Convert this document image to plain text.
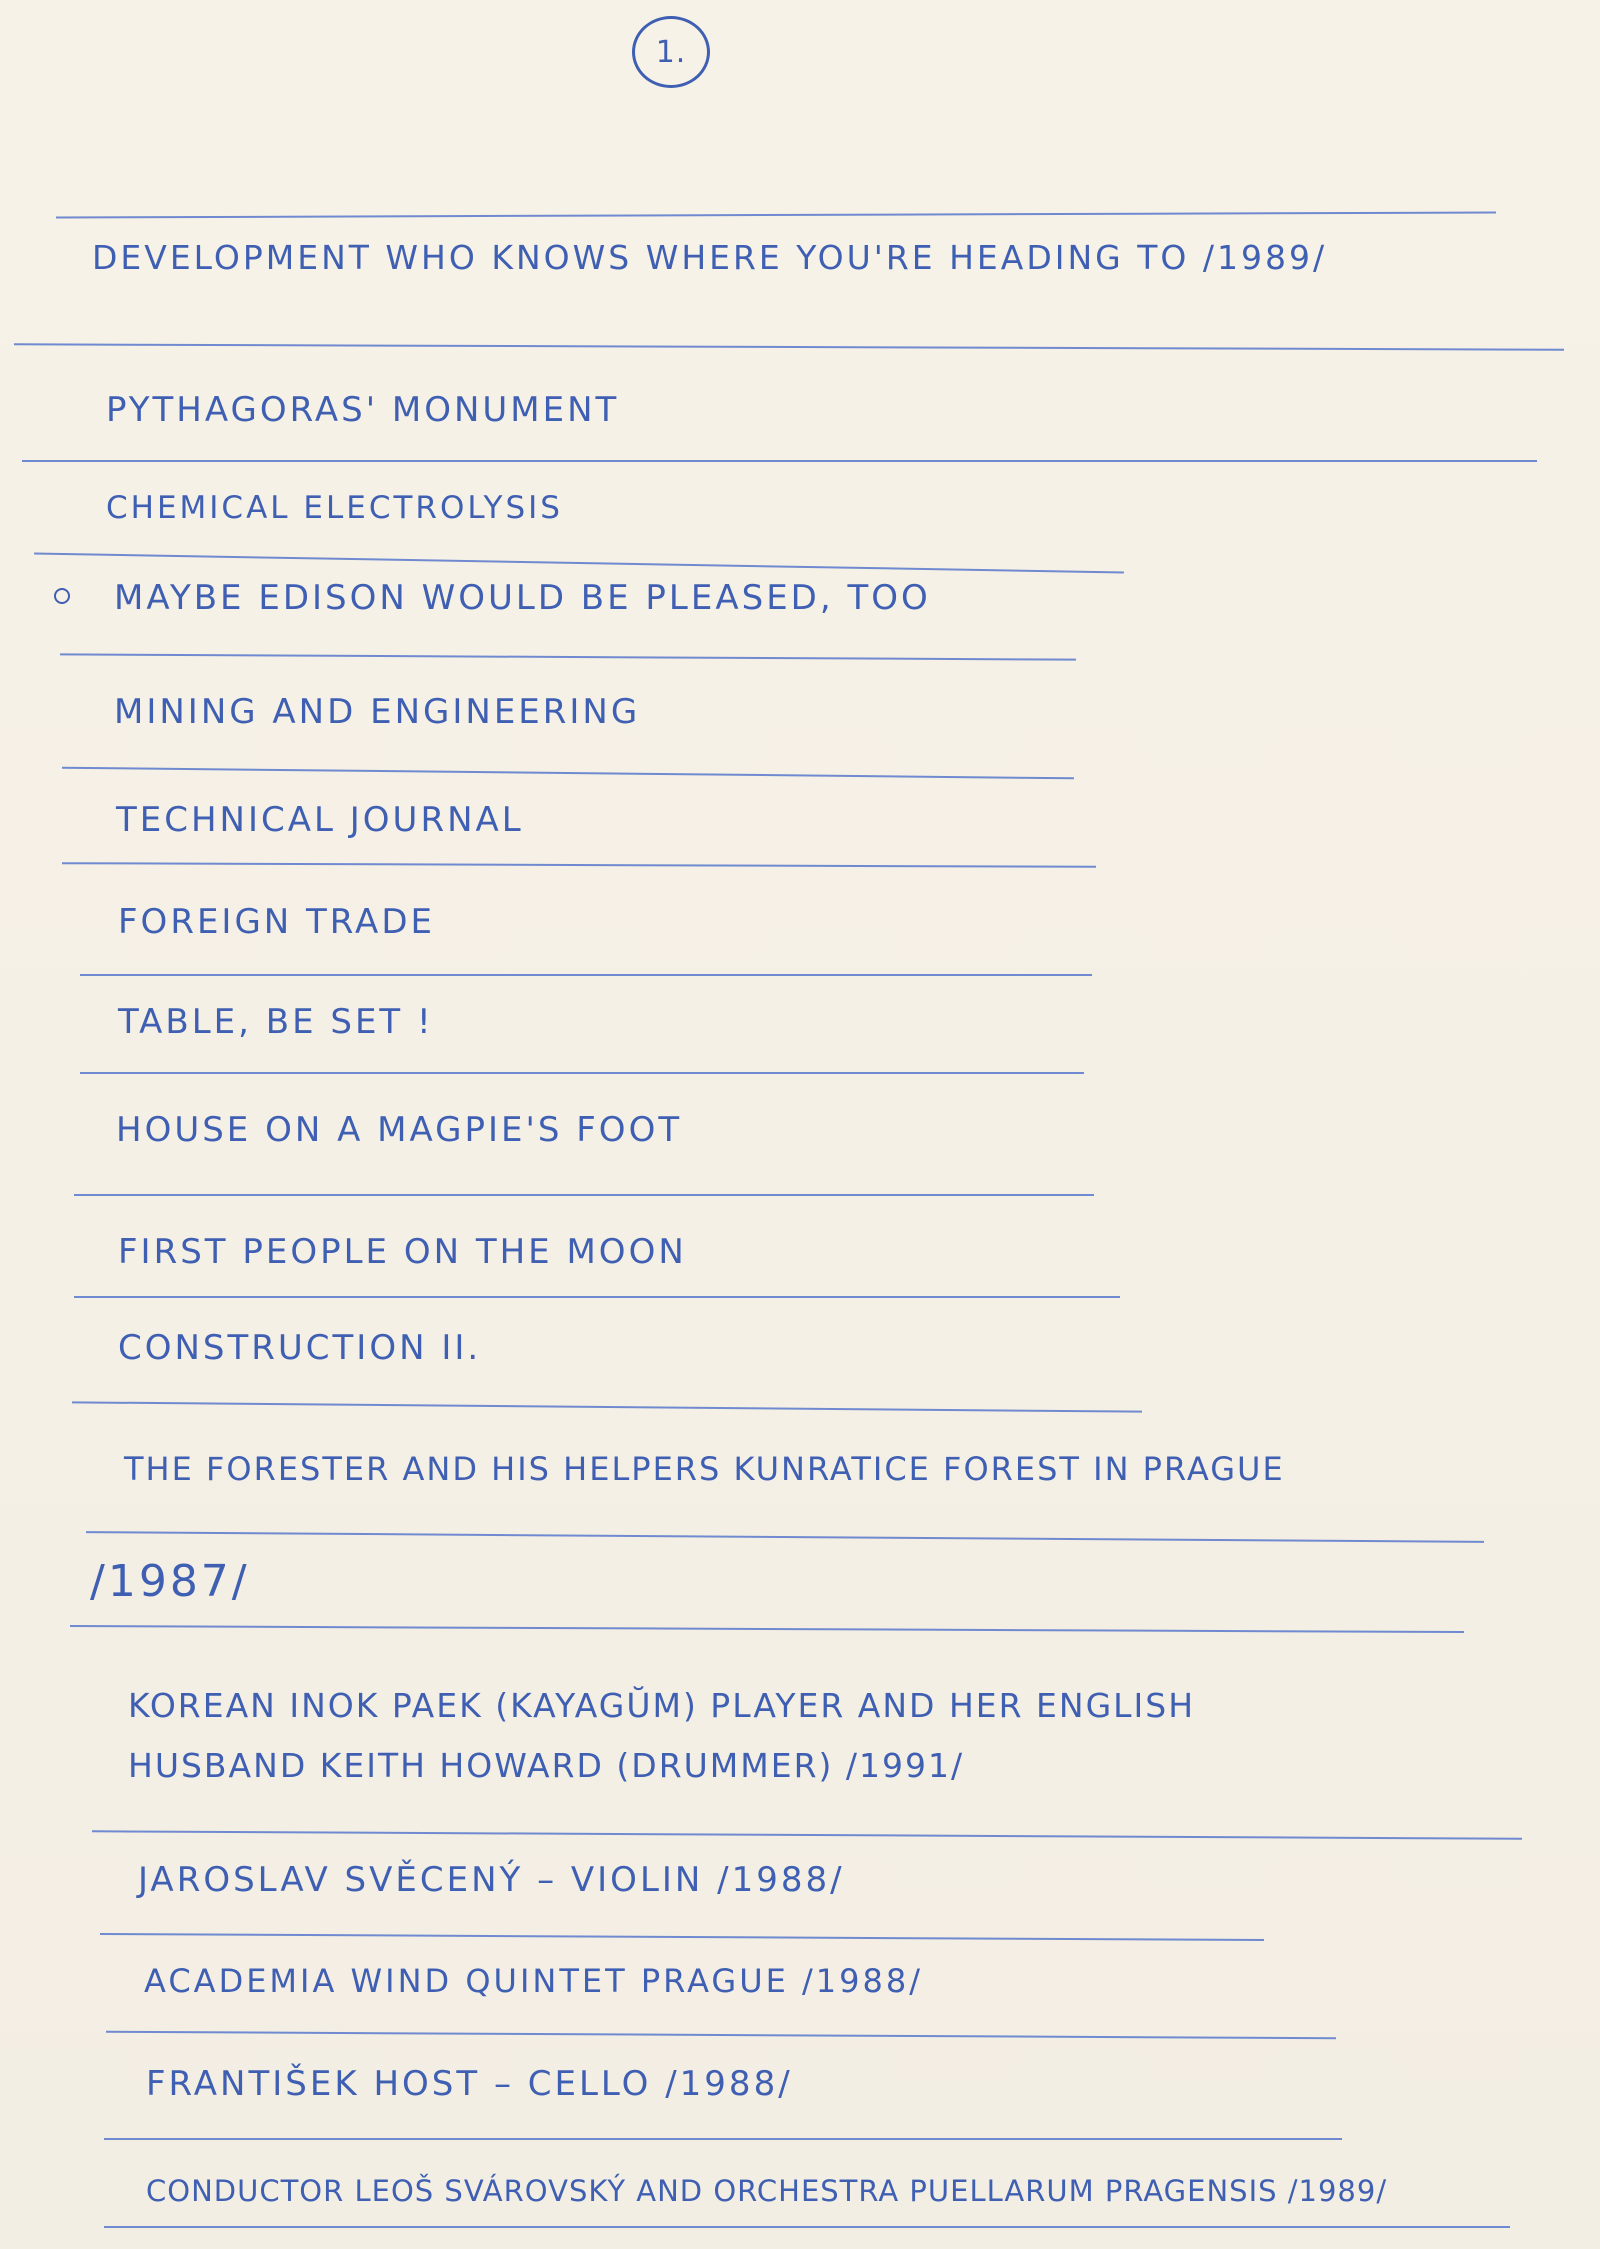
1.
DEVELOPMENT WHO KNOWS WHERE YOU'RE HEADING TO /1989/
PYTHAGORAS' MONUMENT
CHEMICAL ELECTROLYSIS
MAYBE EDISON WOULD BE PLEASED, TOO
MINING AND ENGINEERING
TECHNICAL JOURNAL
FOREIGN TRADE
TABLE, BE SET !
HOUSE ON A MAGPIE'S FOOT
FIRST PEOPLE ON THE MOON
CONSTRUCTION II.
THE FORESTER AND HIS HELPERS KUNRATICE FOREST IN PRAGUE
/1987/
KOREAN INOK PAEK (KAYAGŬM) PLAYER AND HER ENGLISH
HUSBAND KEITH HOWARD (DRUMMER) /1991/
JAROSLAV SVĚCENÝ – VIOLIN /1988/
ACADEMIA WIND QUINTET PRAGUE /1988/
FRANTIŠEK HOST – CELLO /1988/
CONDUCTOR LEOŠ SVÁROVSKÝ AND ORCHESTRA PUELLARUM PRAGENSIS /1989/
